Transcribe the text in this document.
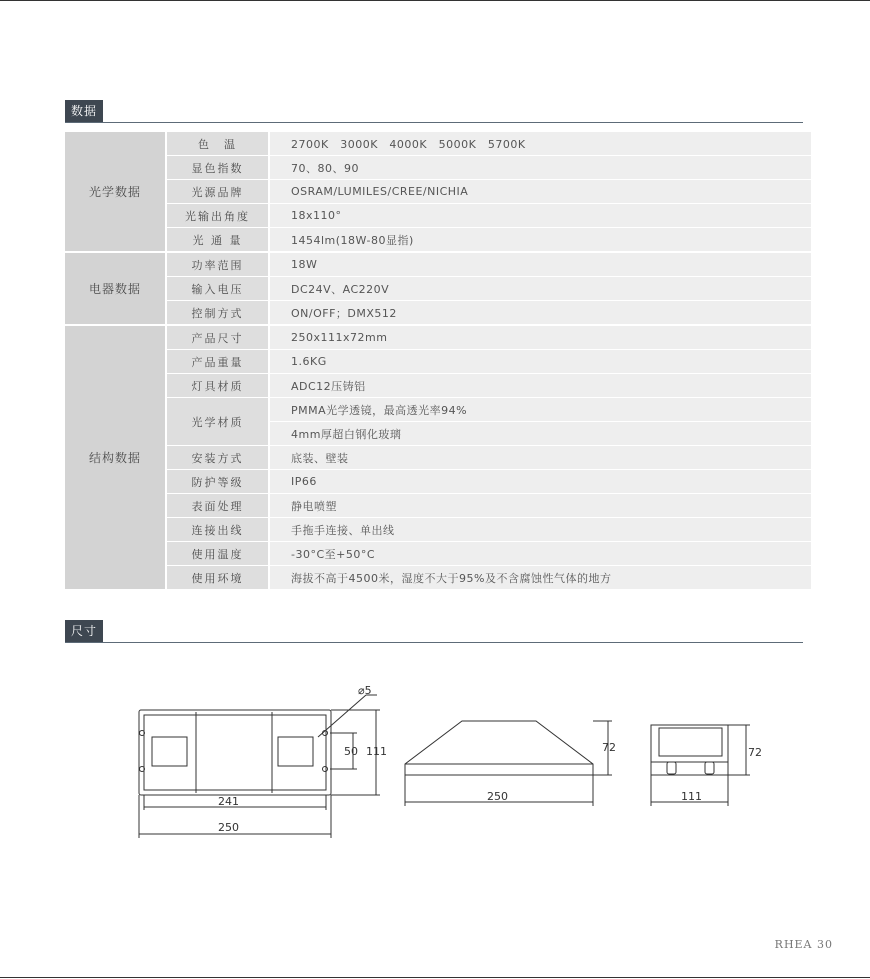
数据
光学数据	色　温	2700K　3000K　4000K　5000K　5700K
	显色指数	70、80、90
	光源品牌	OSRAM/LUMILES/CREE/NICHIA
	光输出角度	18x110°
	光 通 量	1454lm(18W-80显指)
电器数据	功率范围	18W
	输入电压	DC24V、AC220V
	控制方式	ON/OFF；DMX512
结构数据	产品尺寸	250x111x72mm
	产品重量	1.6KG
	灯具材质	ADC12压铸铝
	光学材质	PMMA光学透镜，最高透光率94%
		4mm厚超白钢化玻璃
	安装方式	底装、壁装
	防护等级	IP66
	表面处理	静电喷塑
	连接出线	手拖手连接、单出线
	使用温度	-30°C至+50°C
	使用环境	海拔不高于4500米，湿度不大于95%及不含腐蚀性气体的地方
尺寸
⌀5
50 111
241
250
72
250
72
111
RHEA 30
